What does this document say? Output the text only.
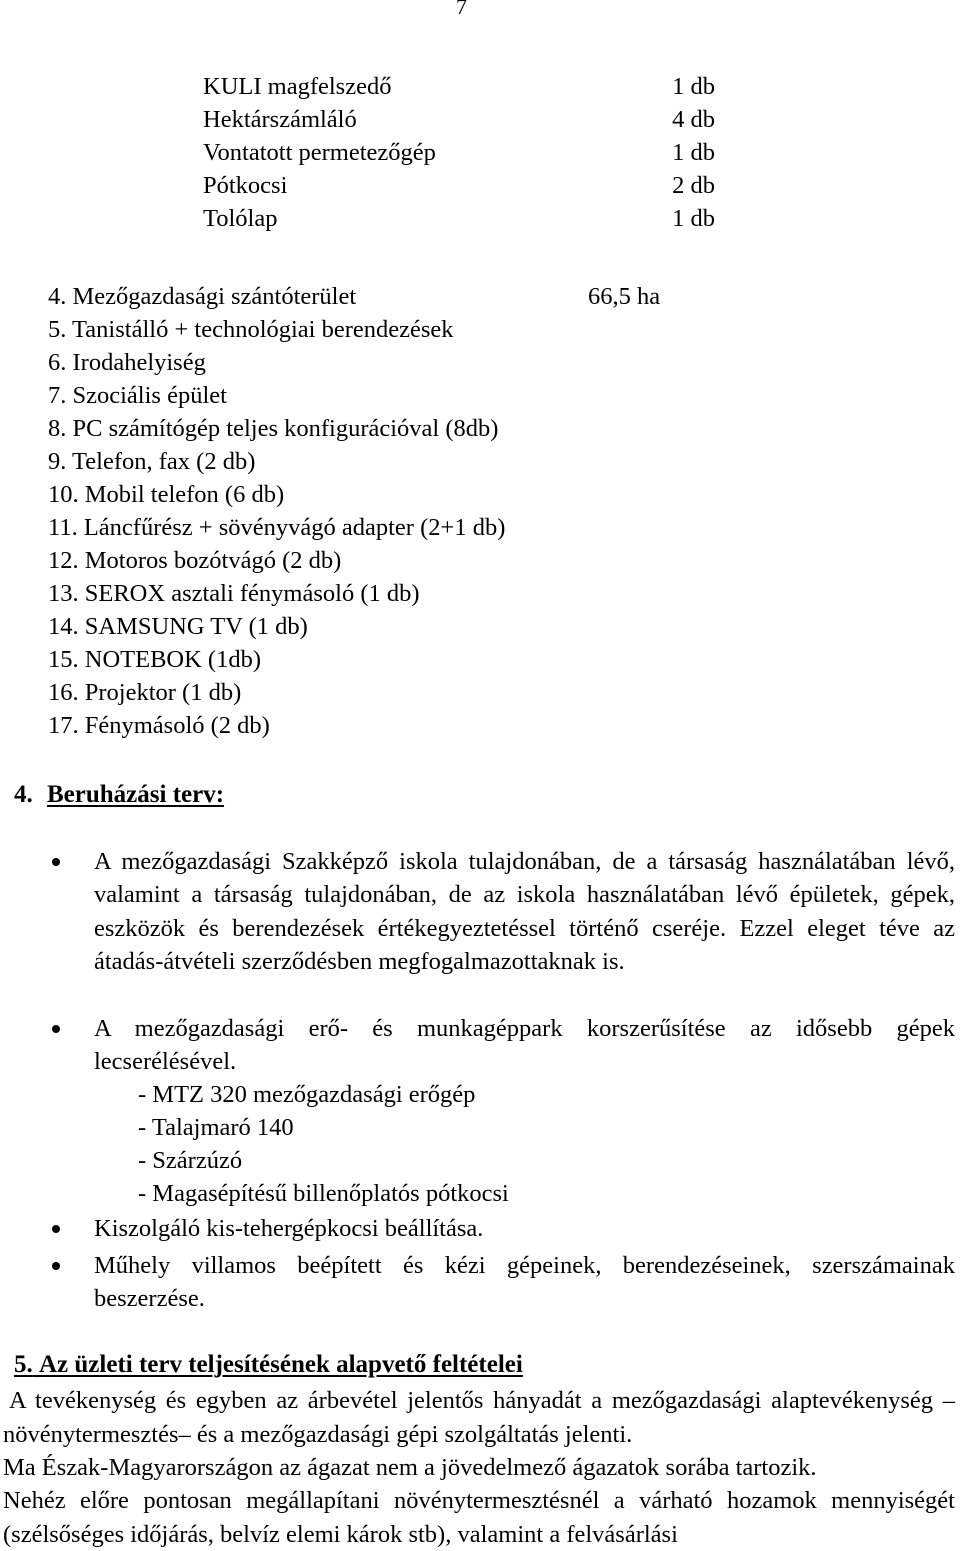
7
KULI magfelszedő	1 db
Hektárszámláló	4 db
Vontatott permetezőgép	1 db
Pótkocsi	2 db
Tolólap	1 db
4. Mezőgazdasági szántóterület	66,5 ha
5. Tanistálló + technológiai berendezések
6. Irodahelyiség
7. Szociális épület
8. PC számítógép teljes konfigurációval (8db)
9. Telefon, fax (2 db)
10. Mobil telefon (6 db)
11. Láncfűrész + sövényvágó adapter (2+1 db)
12. Motoros bozótvágó (2 db)
13. SEROX asztali fénymásoló (1 db)
14. SAMSUNG TV (1 db)
15. NOTEBOK (1db)
16. Projektor (1 db)
17. Fénymásoló (2 db)
4. Beruházási terv:
A mezőgazdasági Szakképző iskola tulajdonában, de a társaság használatában lévő, valamint a társaság tulajdonában, de az iskola használatában lévő épületek, gépek, eszközök és berendezések értékegyeztetéssel történő cseréje. Ezzel eleget téve az átadás-átvételi szerződésben megfogalmazottaknak is.
A mezőgazdasági erő- és munkagéppark korszerűsítése az idősebb gépek lecserélésével.
- MTZ 320 mezőgazdasági erőgép
- Talajmaró 140
- Szárzúzó
- Magasépítésű billenőplatós pótkocsi
Kiszolgáló kis-tehergépkocsi beállítása.
Műhely villamos beépített és kézi gépeinek, berendezéseinek, szerszámainak beszerzése.
5. Az üzleti terv teljesítésének alapvető feltételei
A tevékenység és egyben az árbevétel jelentős hányadát a mezőgazdasági alaptevékenység –növénytermesztés– és a mezőgazdasági gépi szolgáltatás jelenti.
Ma Észak-Magyarországon az ágazat nem a jövedelmező ágazatok sorába tartozik.
Nehéz előre pontosan megállapítani növénytermesztésnél a várható hozamok mennyiségét (szélsőséges időjárás, belvíz elemi károk stb), valamint a felvásárlási
